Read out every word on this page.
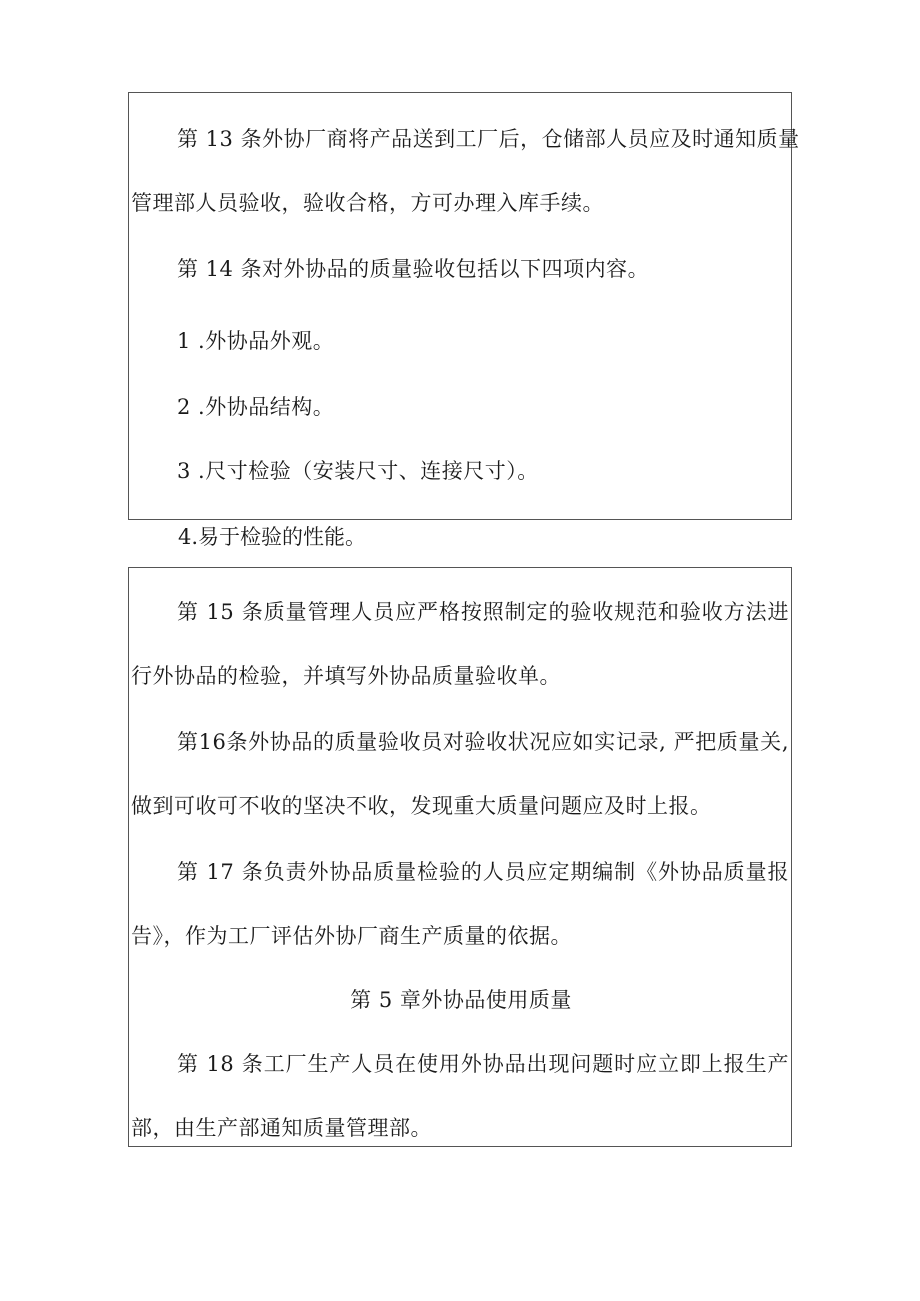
第 13 条外协厂商将产品送到工厂后，仓储部人员应及时通知质量
管理部人员验收，验收合格，方可办理入库手续。
第 14 条对外协品的质量验收包括以下四项内容。
1 .外协品外观。
2 .外协品结构。
3 .尺寸检验（安装尺寸、连接尺寸）。
4.易于检验的性能。
第 15 条质量管理人员应严格按照制定的验收规范和验收方法进
行外协品的检验，并填写外协品质量验收单。
第16条外协品的质量验收员对验收状况应如实记录, 严把质量关,
做到可收可不收的坚决不收，发现重大质量问题应及时上报。
第 17 条负责外协品质量检验的人员应定期编制《外协品质量报
告》，作为工厂评估外协厂商生产质量的依据。
第 5 章外协品使用质量
第 18 条工厂生产人员在使用外协品出现问题时应立即上报生产
部，由生产部通知质量管理部。
